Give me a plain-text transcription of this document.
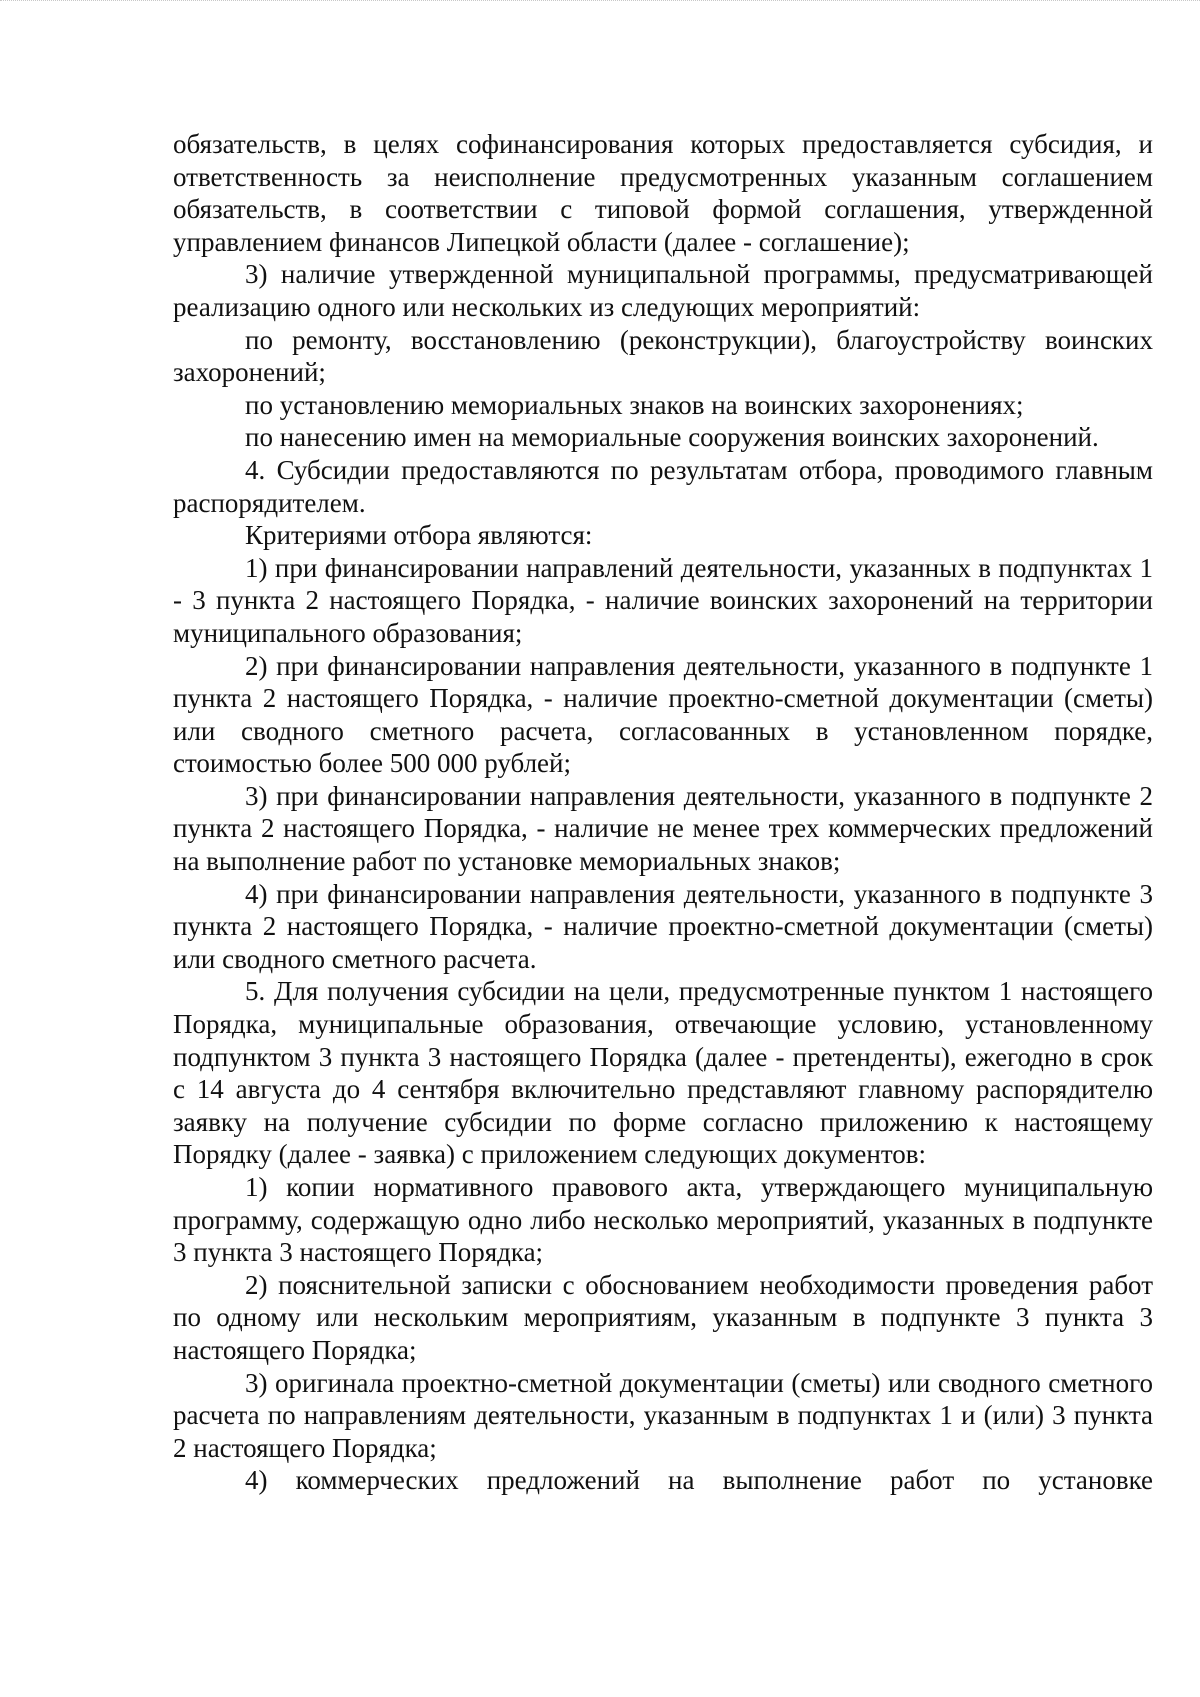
обязательств, в целях софинансирования которых предоставляется субсидия, и ответственность за неисполнение предусмотренных указанным соглашением обязательств, в соответствии с типовой формой соглашения, утвержденной управлением финансов Липецкой области (далее - соглашение);

3) наличие утвержденной муниципальной программы, предусматривающей реализацию одного или нескольких из следующих мероприятий:

по ремонту, восстановлению (реконструкции), благоустройству воинских захоронений;

по установлению мемориальных знаков на воинских захоронениях;

по нанесению имен на мемориальные сооружения воинских захоронений.

4. Субсидии предоставляются по результатам отбора, проводимого главным распорядителем.

Критериями отбора являются:

1) при финансировании направлений деятельности, указанных в подпунктах 1 - 3 пункта 2 настоящего Порядка, - наличие воинских захоронений на территории муниципального образования;

2) при финансировании направления деятельности, указанного в подпункте 1 пункта 2 настоящего Порядка, - наличие проектно-сметной документации (сметы) или сводного сметного расчета, согласованных в установленном порядке, стоимостью более 500 000 рублей;

3) при финансировании направления деятельности, указанного в подпункте 2 пункта 2 настоящего Порядка, - наличие не менее трех коммерческих предложений на выполнение работ по установке мемориальных знаков;

4) при финансировании направления деятельности, указанного в подпункте 3 пункта 2 настоящего Порядка, - наличие проектно-сметной документации (сметы) или сводного сметного расчета.

5. Для получения субсидии на цели, предусмотренные пунктом 1 настоящего Порядка, муниципальные образования, отвечающие условию, установленному подпунктом 3 пункта 3 настоящего Порядка (далее - претенденты), ежегодно в срок с 14 августа до 4 сентября включительно представляют главному распорядителю заявку на получение субсидии по форме согласно приложению к настоящему Порядку (далее - заявка) с приложением следующих документов:

1) копии нормативного правового акта, утверждающего муниципальную программу, содержащую одно либо несколько мероприятий, указанных в подпункте 3 пункта 3 настоящего Порядка;

2) пояснительной записки с обоснованием необходимости проведения работ по одному или нескольким мероприятиям, указанным в подпункте 3 пункта 3 настоящего Порядка;

3) оригинала проектно-сметной документации (сметы) или сводного сметного расчета по направлениям деятельности, указанным в подпунктах 1 и (или) 3 пункта 2 настоящего Порядка;

4) коммерческих предложений на выполнение работ по установке
